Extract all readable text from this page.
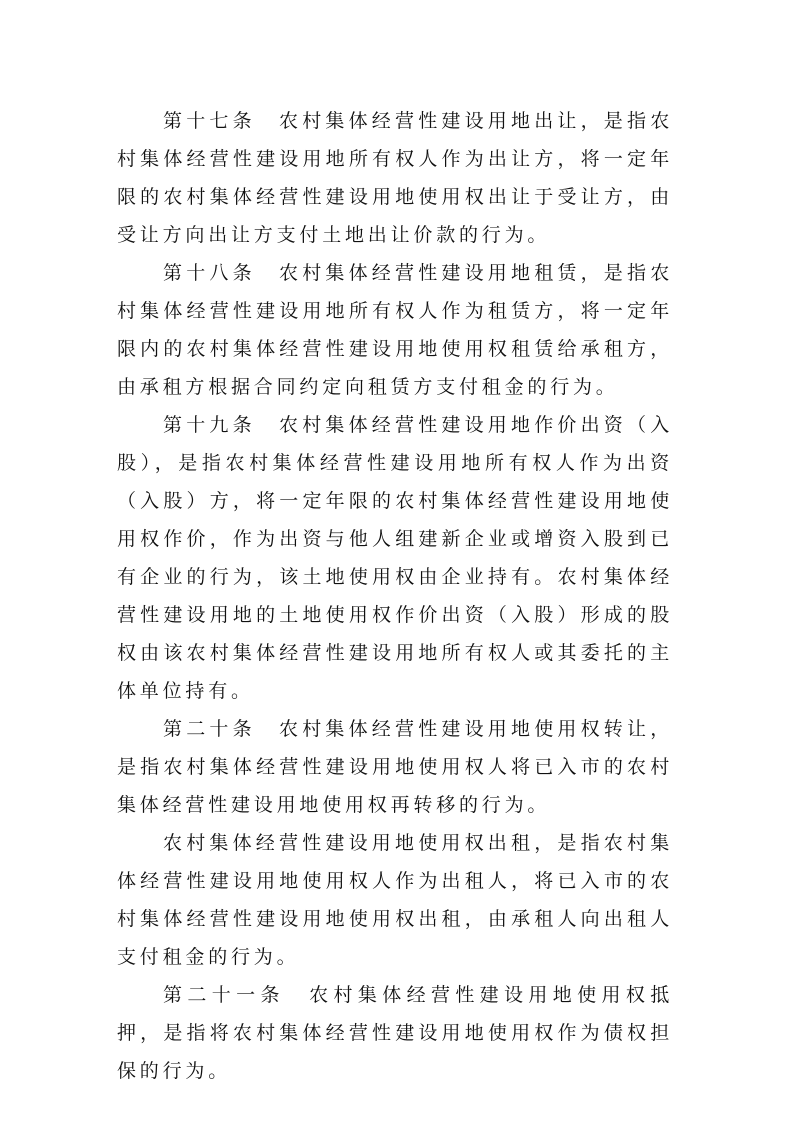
第十七条　农村集体经营性建设用地出让，是指农村集体经营性建设用地所有权人作为出让方，将一定年限的农村集体经营性建设用地使用权出让于受让方，由受让方向出让方支付土地出让价款的行为。

第十八条　农村集体经营性建设用地租赁，是指农村集体经营性建设用地所有权人作为租赁方，将一定年限内的农村集体经营性建设用地使用权租赁给承租方，由承租方根据合同约定向租赁方支付租金的行为。

第十九条　农村集体经营性建设用地作价出资（入股），是指农村集体经营性建设用地所有权人作为出资（入股）方，将一定年限的农村集体经营性建设用地使用权作价，作为出资与他人组建新企业或增资入股到已有企业的行为，该土地使用权由企业持有。农村集体经营性建设用地的土地使用权作价出资（入股）形成的股权由该农村集体经营性建设用地所有权人或其委托的主体单位持有。

第二十条　农村集体经营性建设用地使用权转让，是指农村集体经营性建设用地使用权人将已入市的农村集体经营性建设用地使用权再转移的行为。

农村集体经营性建设用地使用权出租，是指农村集体经营性建设用地使用权人作为出租人，将已入市的农村集体经营性建设用地使用权出租，由承租人向出租人支付租金的行为。

第二十一条　农村集体经营性建设用地使用权抵押，是指将农村集体经营性建设用地使用权作为债权担保的行为。
